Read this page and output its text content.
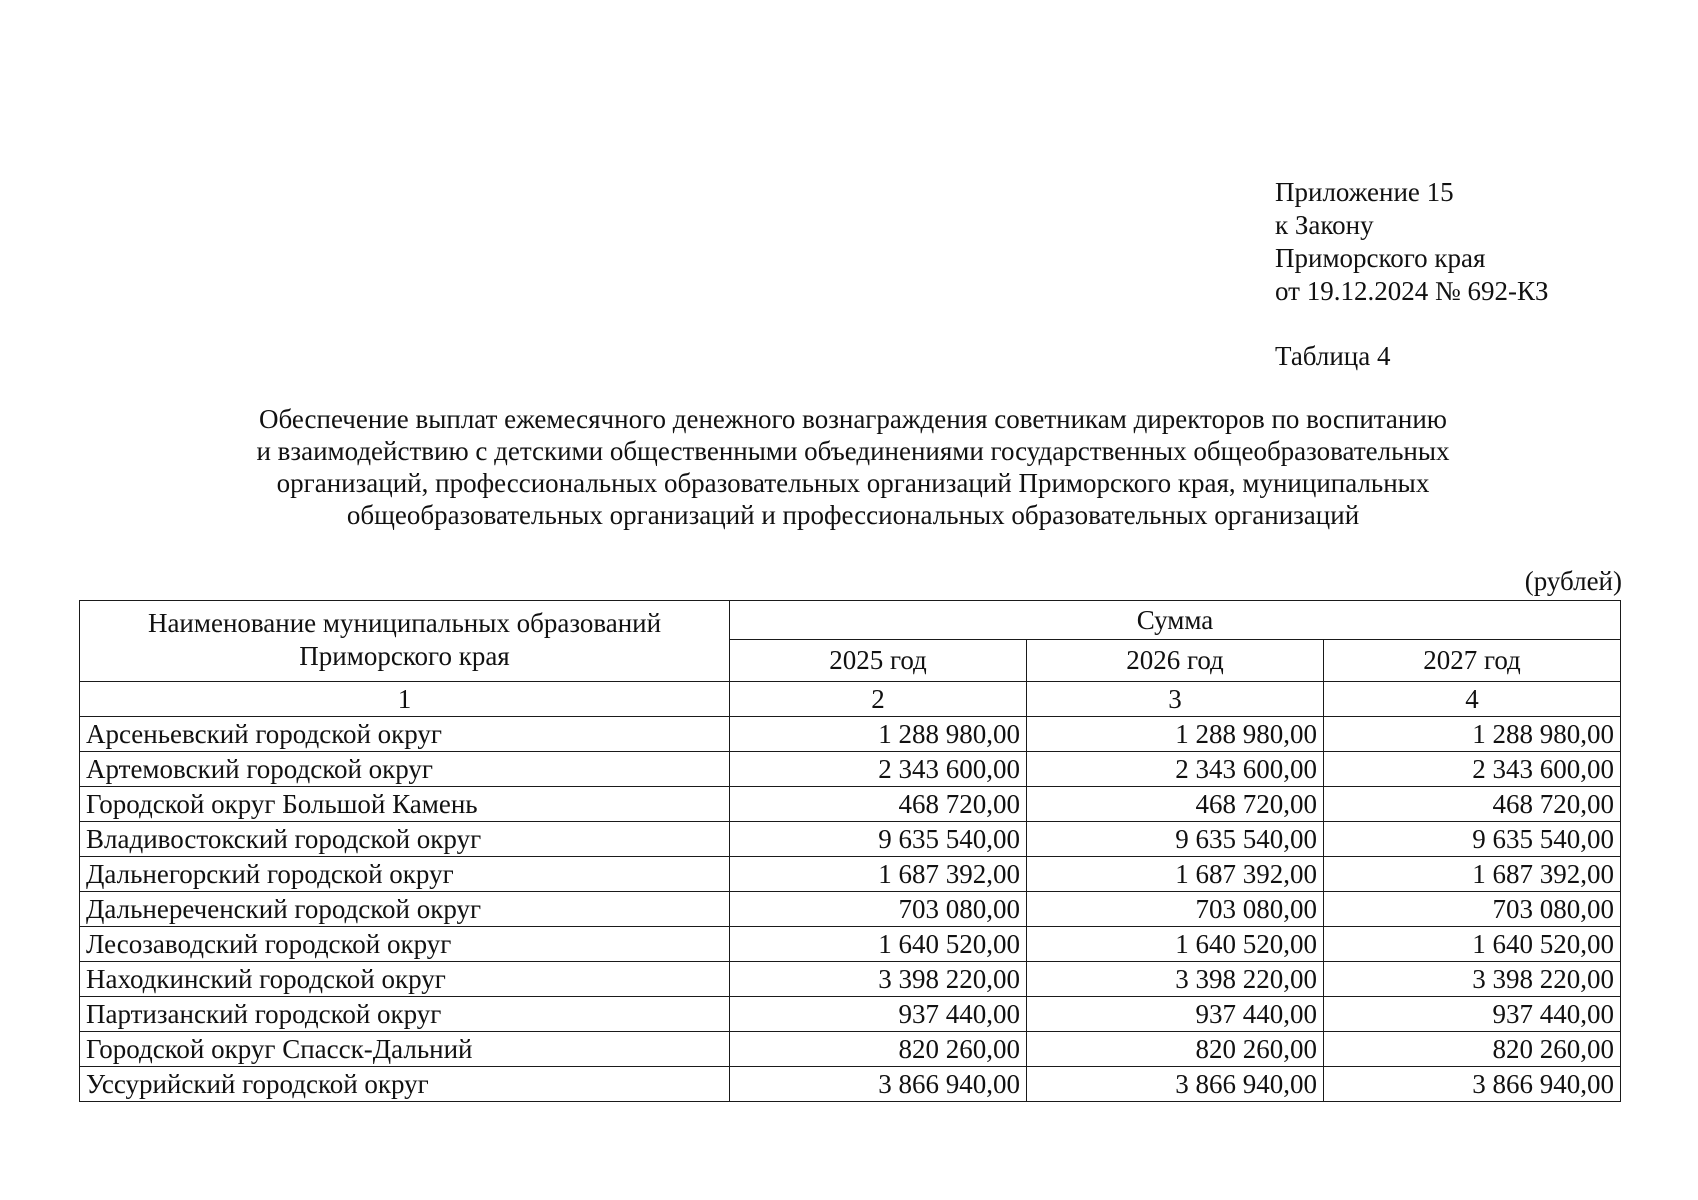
Приложение 15
к Закону
Приморского края
от 19.12.2024 № 692-КЗ
Таблица 4
Обеспечение выплат ежемесячного денежного вознаграждения советникам директоров по воспитанию
и взаимодействию с детскими общественными объединениями государственных общеобразовательных
организаций, профессиональных образовательных организаций Приморского края, муниципальных
общеобразовательных организаций и профессиональных образовательных организаций
(рублей)
Наименование муниципальных образований
Приморского края	Сумма		
	2025 год	2026 год	2027 год
1	2	3	4
Арсеньевский городской округ	1 288 980,00	1 288 980,00	1 288 980,00
Артемовский городской округ	2 343 600,00	2 343 600,00	2 343 600,00
Городской округ Большой Камень	468 720,00	468 720,00	468 720,00
Владивостокский городской округ	9 635 540,00	9 635 540,00	9 635 540,00
Дальнегорский городской округ	1 687 392,00	1 687 392,00	1 687 392,00
Дальнереченский городской округ	703 080,00	703 080,00	703 080,00
Лесозаводский городской округ	1 640 520,00	1 640 520,00	1 640 520,00
Находкинский городской округ	3 398 220,00	3 398 220,00	3 398 220,00
Партизанский городской округ	937 440,00	937 440,00	937 440,00
Городской округ Спасск-Дальний	820 260,00	820 260,00	820 260,00
Уссурийский городской округ	3 866 940,00	3 866 940,00	3 866 940,00
